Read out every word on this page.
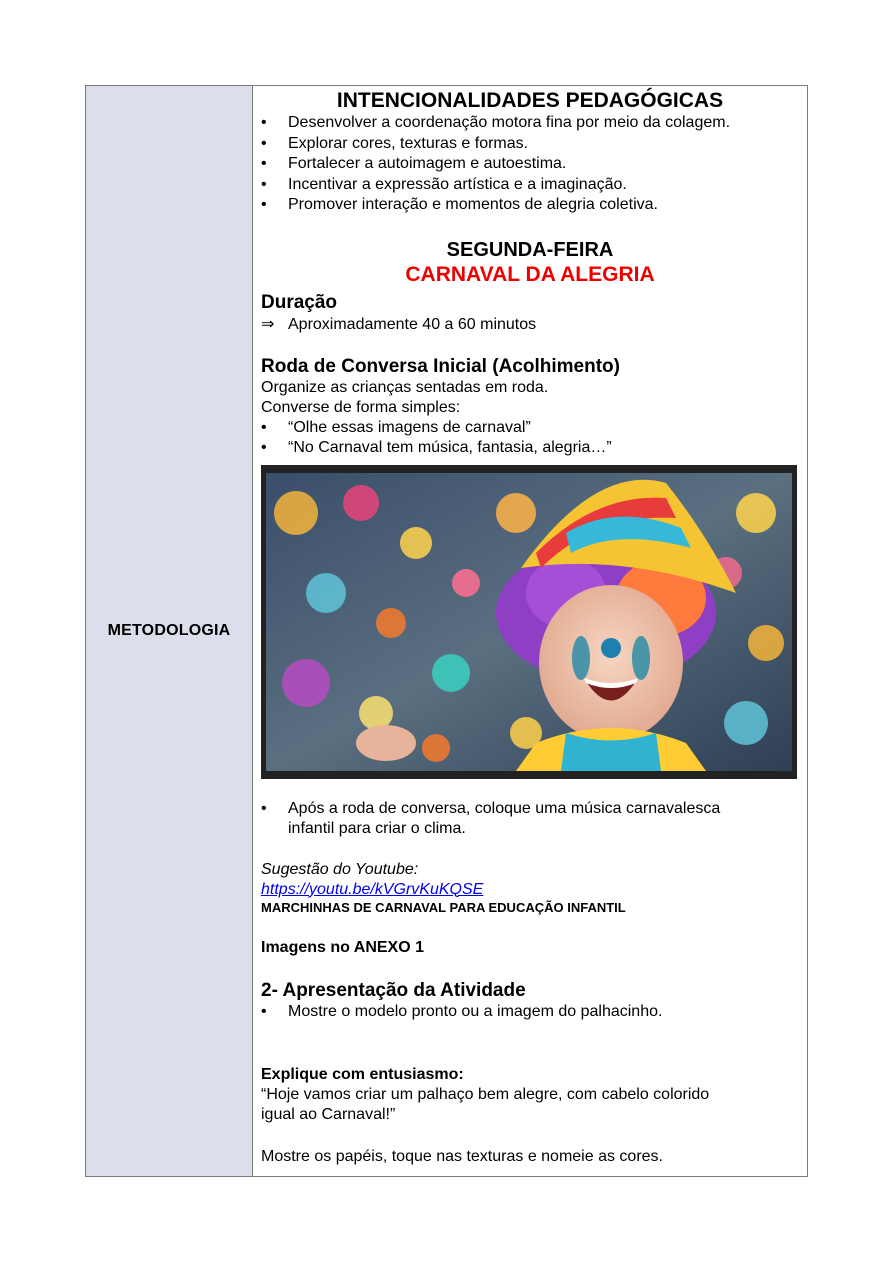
METODOLOGIA
INTENCIONALIDADES PEDAGÓGICAS
• Desenvolver a coordenação motora fina por meio da colagem.
• Explorar cores, texturas e formas.
• Fortalecer a autoimagem e autoestima.
• Incentivar a expressão artística e a imaginação.
• Promover interação e momentos de alegria coletiva.
SEGUNDA-FEIRA
CARNAVAL DA ALEGRIA
Duração
⇒ Aproximadamente 40 a 60 minutos
Roda de Conversa Inicial (Acolhimento)

Organize as crianças sentadas em roda.

Converse de forma simples:

• “Olhe essas imagens de carnaval”
• “No Carnaval tem música, fantasia, alegria…”
• Após a roda de conversa, coloque uma música carnavalesca
infantil para criar o clima.

Sugestão do Youtube:

https://youtu.be/kVGrvKuKQSE
MARCHINHAS DE CARNAVAL PARA EDUCAÇÃO INFANTIL
Imagens no ANEXO 1
2- Apresentação da Atividade
• Mostre o modelo pronto ou a imagem do palhacinho.
Explique com entusiasmo:

“Hoje vamos criar um palhaço bem alegre, com cabelo colorido

igual ao Carnaval!”

Mostre os papéis, toque nas texturas e nomeie as cores.
